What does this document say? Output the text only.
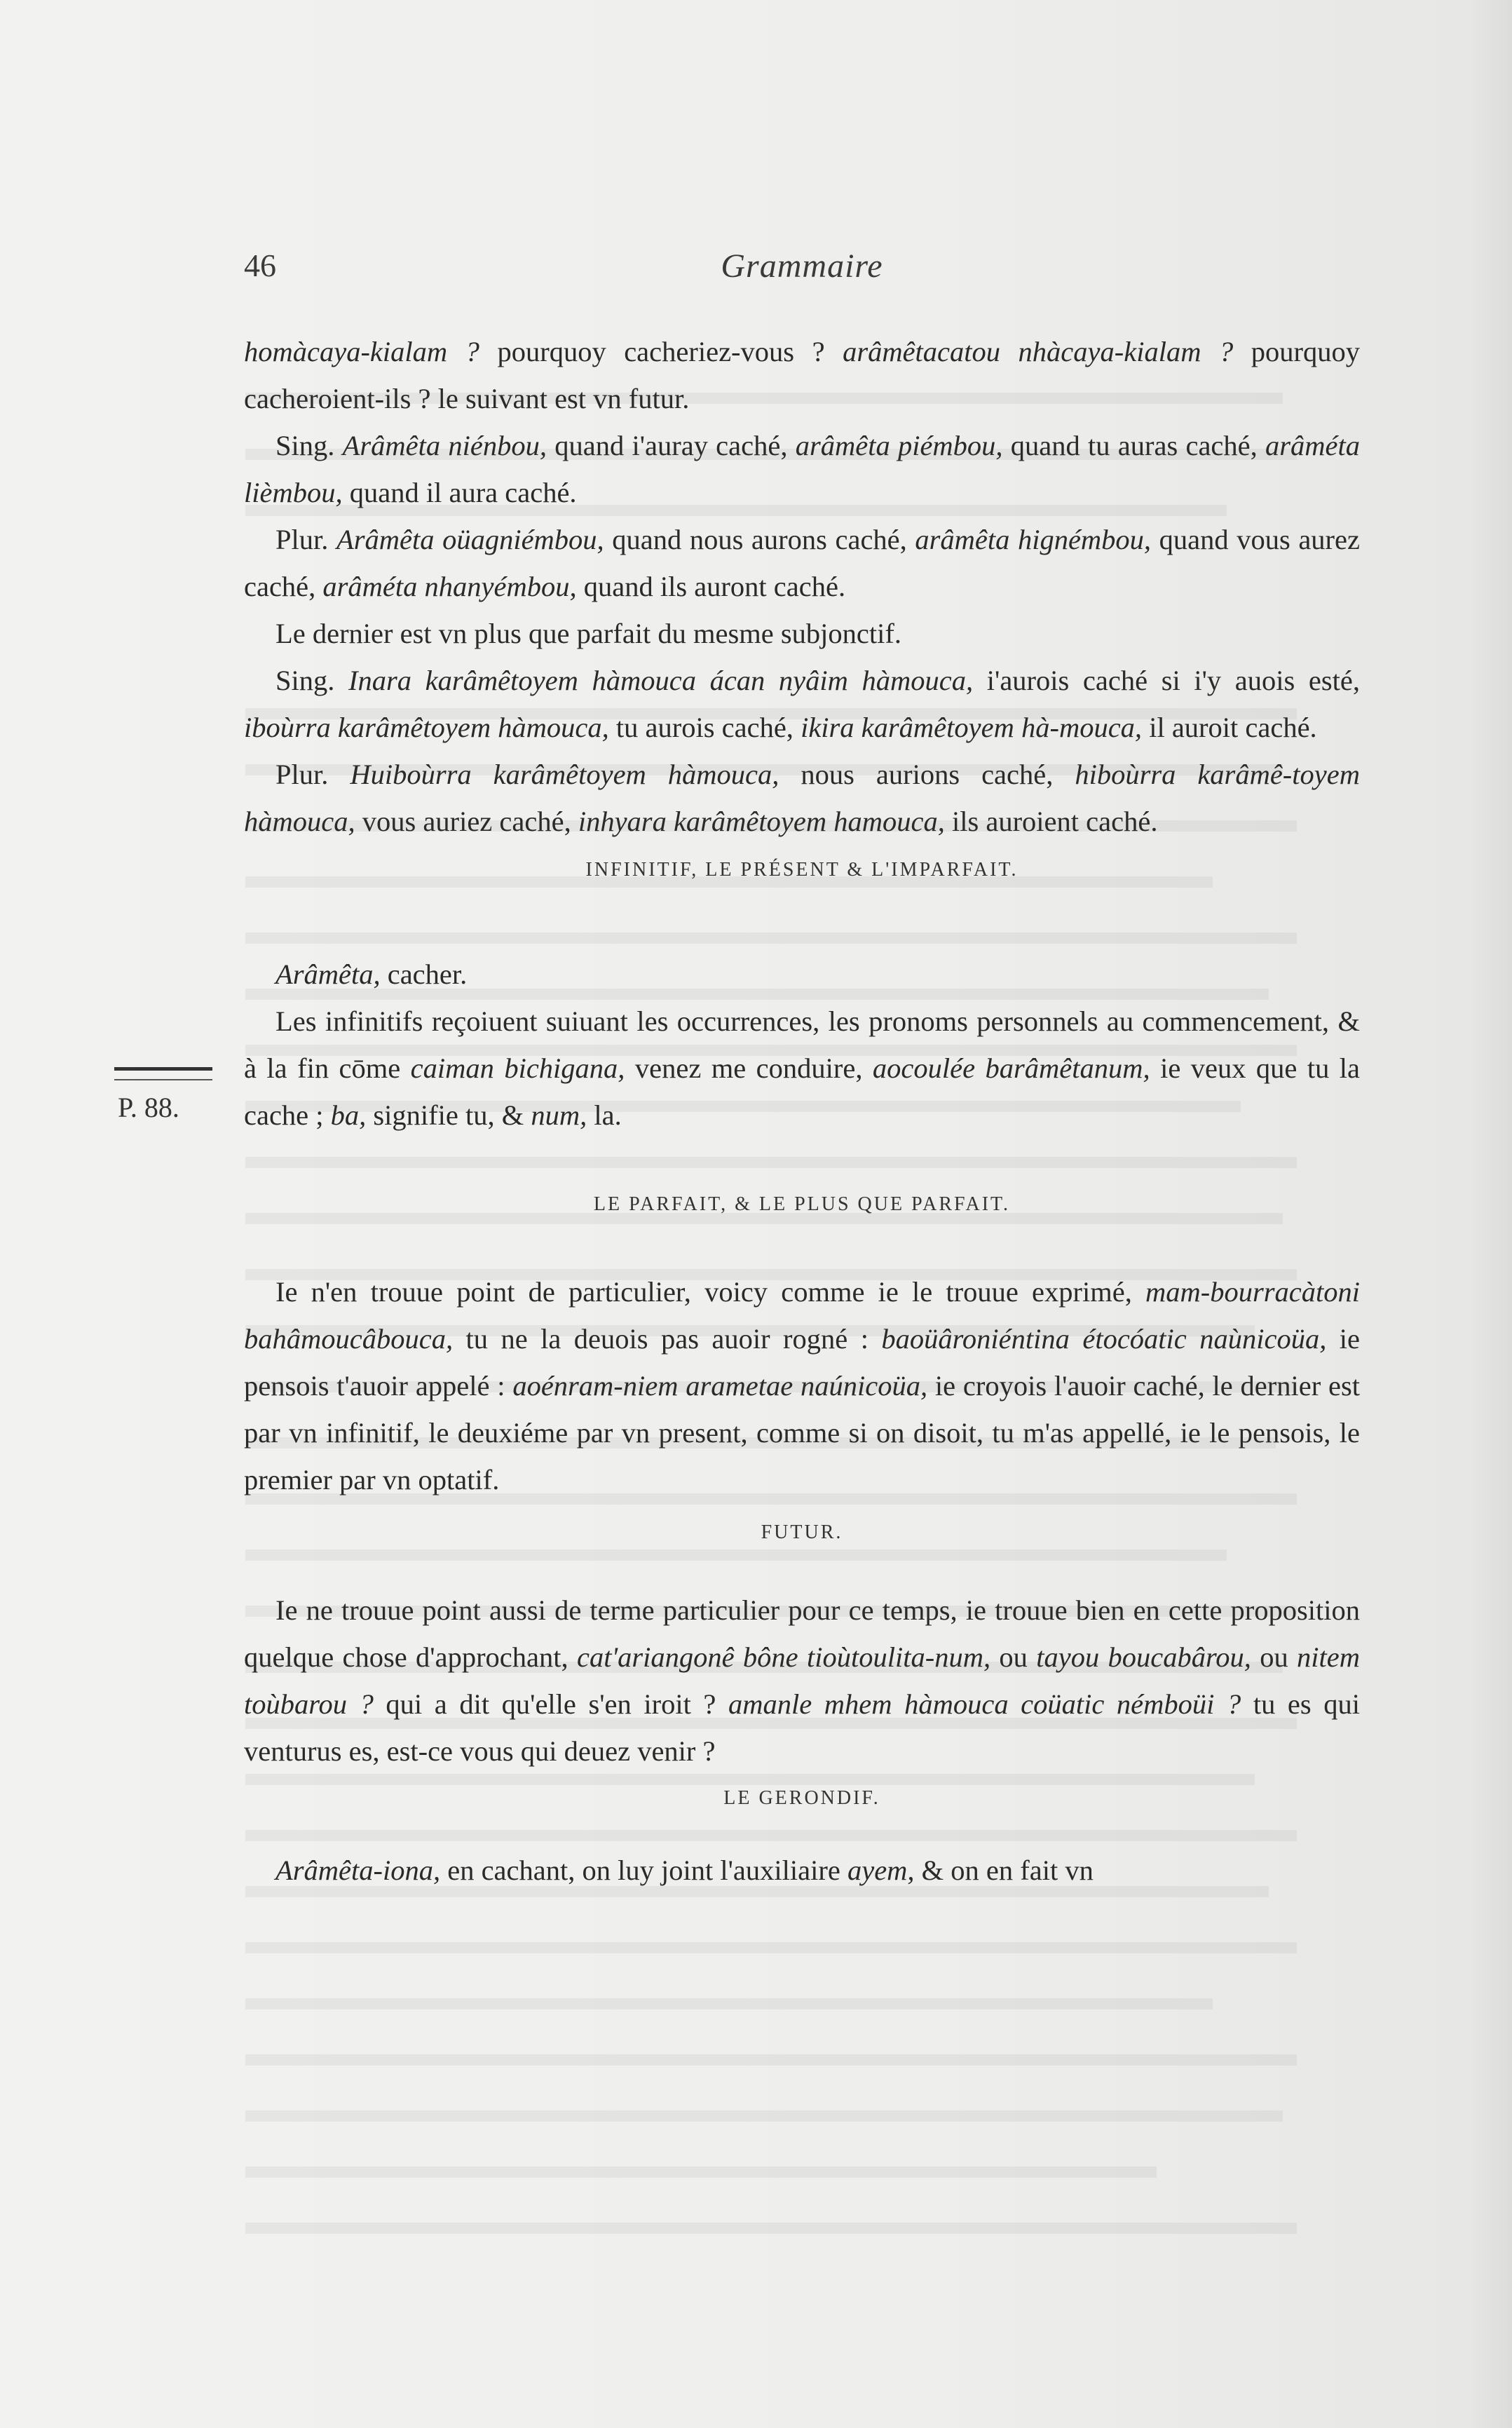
46	Grammaire
P. 88.

homàcaya-kialam ? pourquoy cacheriez-vous ? arâmêtacatou nhàcaya-kialam ? pourquoy cacheroient-ils ? le suivant est vn futur.

Sing. Arâmêta niénbou, quand i'auray caché, arâmêta piémbou, quand tu auras caché, arâméta lièmbou, quand il aura caché.

Plur. Arâmêta oüagniémbou, quand nous aurons caché, arâmêta hignémbou, quand vous aurez caché, arâméta nhanyémbou, quand ils auront caché.

Le dernier est vn plus que parfait du mesme subjonctif.

Sing. Inara karâmêtoyem hàmouca ácan nyâim hàmouca, i'aurois caché si i'y auois esté, iboùrra karâmêtoyem hàmouca, tu aurois caché, ikira karâmêtoyem hà-mouca, il auroit caché.

Plur. Huiboùrra karâmêtoyem hàmouca, nous aurions caché, hiboùrra karâmê-toyem hàmouca, vous auriez caché, inhyara karâmêtoyem hamouca, ils auroient caché.

INFINITIF, LE PRÉSENT & L'IMPARFAIT.

Arâmêta, cacher.

Les infinitifs reçoiuent suiuant les occurrences, les pronoms personnels au commencement, & à la fin cōme caiman bichigana, venez me conduire, aocoulée barâmêtanum, ie veux que tu la cache ; ba, signifie tu, & num, la.

LE PARFAIT, & LE PLUS QUE PARFAIT.

Ie n'en trouue point de particulier, voicy comme ie le trouue exprimé, mam-bourracàtoni bahâmoucâbouca, tu ne la deuois pas auoir rogné : baoüâroniéntina étocóatic naùnicoüa, ie pensois t'auoir appelé : aoénram-niem arametae naúnicoüa, ie croyois l'auoir caché, le dernier est par vn infinitif, le deuxiéme par vn present, comme si on disoit, tu m'as appellé, ie le pensois, le premier par vn optatif.

FUTUR.

Ie ne trouue point aussi de terme particulier pour ce temps, ie trouue bien en cette proposition quelque chose d'approchant, cat'ariangonê bône tioùtoulita-num, ou tayou boucabârou, ou nitem toùbarou ? qui a dit qu'elle s'en iroit ? amanle mhem hàmouca coüatic némboüi ? tu es qui venturus es, est-ce vous qui deuez venir ?

LE GERONDIF.

Arâmêta-iona, en cachant, on luy joint l'auxiliaire ayem, & on en fait vn
